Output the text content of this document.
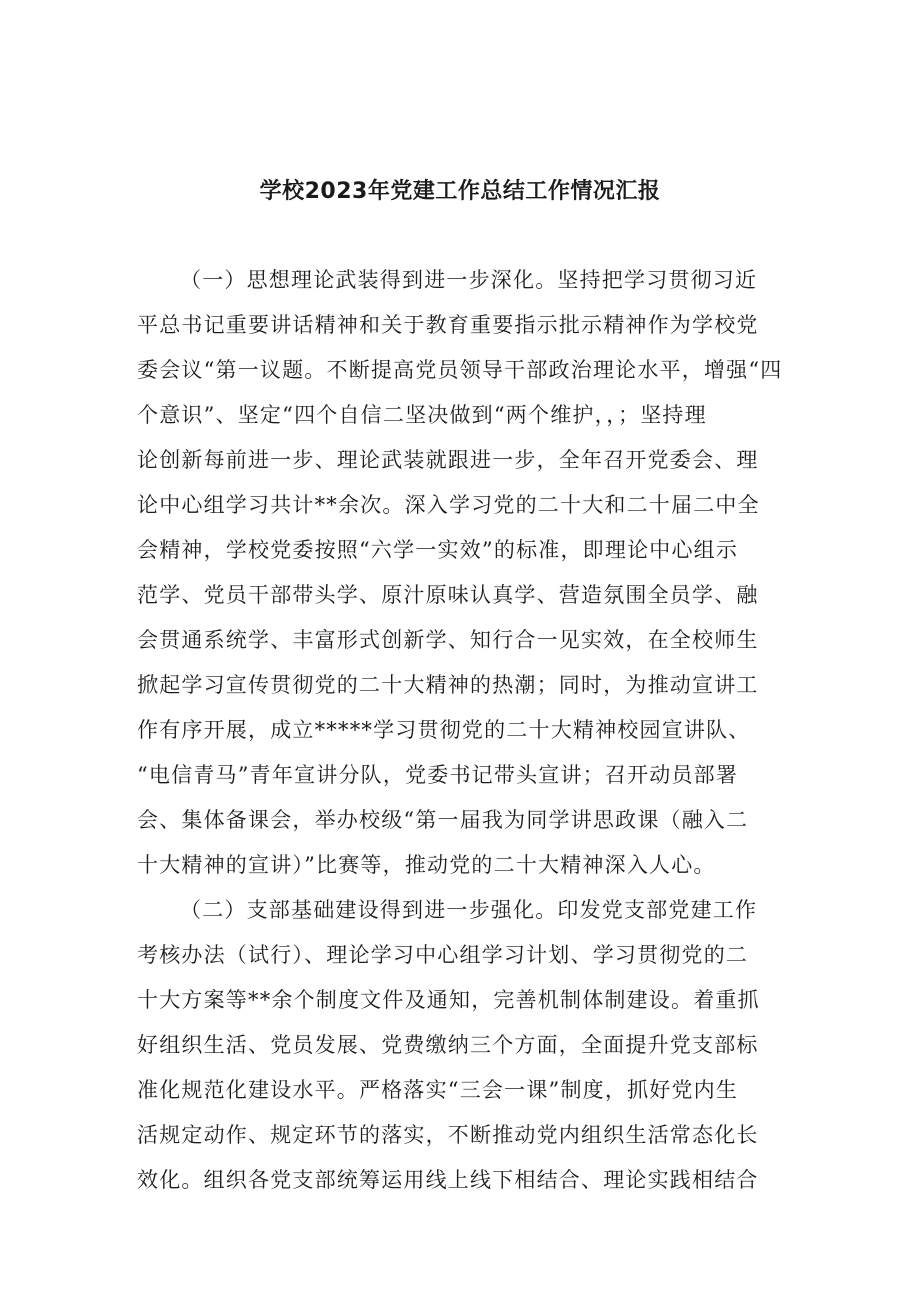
学校2023年党建工作总结工作情况汇报
（一）思想理论武装得到进一步深化。坚持把学习贯彻习近
平总书记重要讲话精神和关于教育重要指示批示精神作为学校党
委会议“第一议题。不断提高党员领导干部政治理论水平，增强“四
个意识”、坚定“四个自信二坚决做到“两个维护，，；坚持理
论创新每前进一步、理论武装就跟进一步，全年召开党委会、理
论中心组学习共计**余次。深入学习党的二十大和二十届二中全
会精神，学校党委按照“六学一实效”的标准，即理论中心组示
范学、党员干部带头学、原汁原味认真学、营造氛围全员学、融
会贯通系统学、丰富形式创新学、知行合一见实效，在全校师生
掀起学习宣传贯彻党的二十大精神的热潮；同时，为推动宣讲工
作有序开展，成立*****学习贯彻党的二十大精神校园宣讲队、
“电信青马”青年宣讲分队，党委书记带头宣讲；召开动员部署
会、集体备课会，举办校级“第一届我为同学讲思政课（融入二
十大精神的宣讲）”比赛等，推动党的二十大精神深入人心。
（二）支部基础建设得到进一步强化。印发党支部党建工作
考核办法（试行）、理论学习中心组学习计划、学习贯彻党的二
十大方案等**余个制度文件及通知，完善机制体制建设。着重抓
好组织生活、党员发展、党费缴纳三个方面，全面提升党支部标
准化规范化建设水平。严格落实“三会一课”制度，抓好党内生
活规定动作、规定环节的落实，不断推动党内组织生活常态化长
效化。组织各党支部统筹运用线上线下相结合、理论实践相结合
